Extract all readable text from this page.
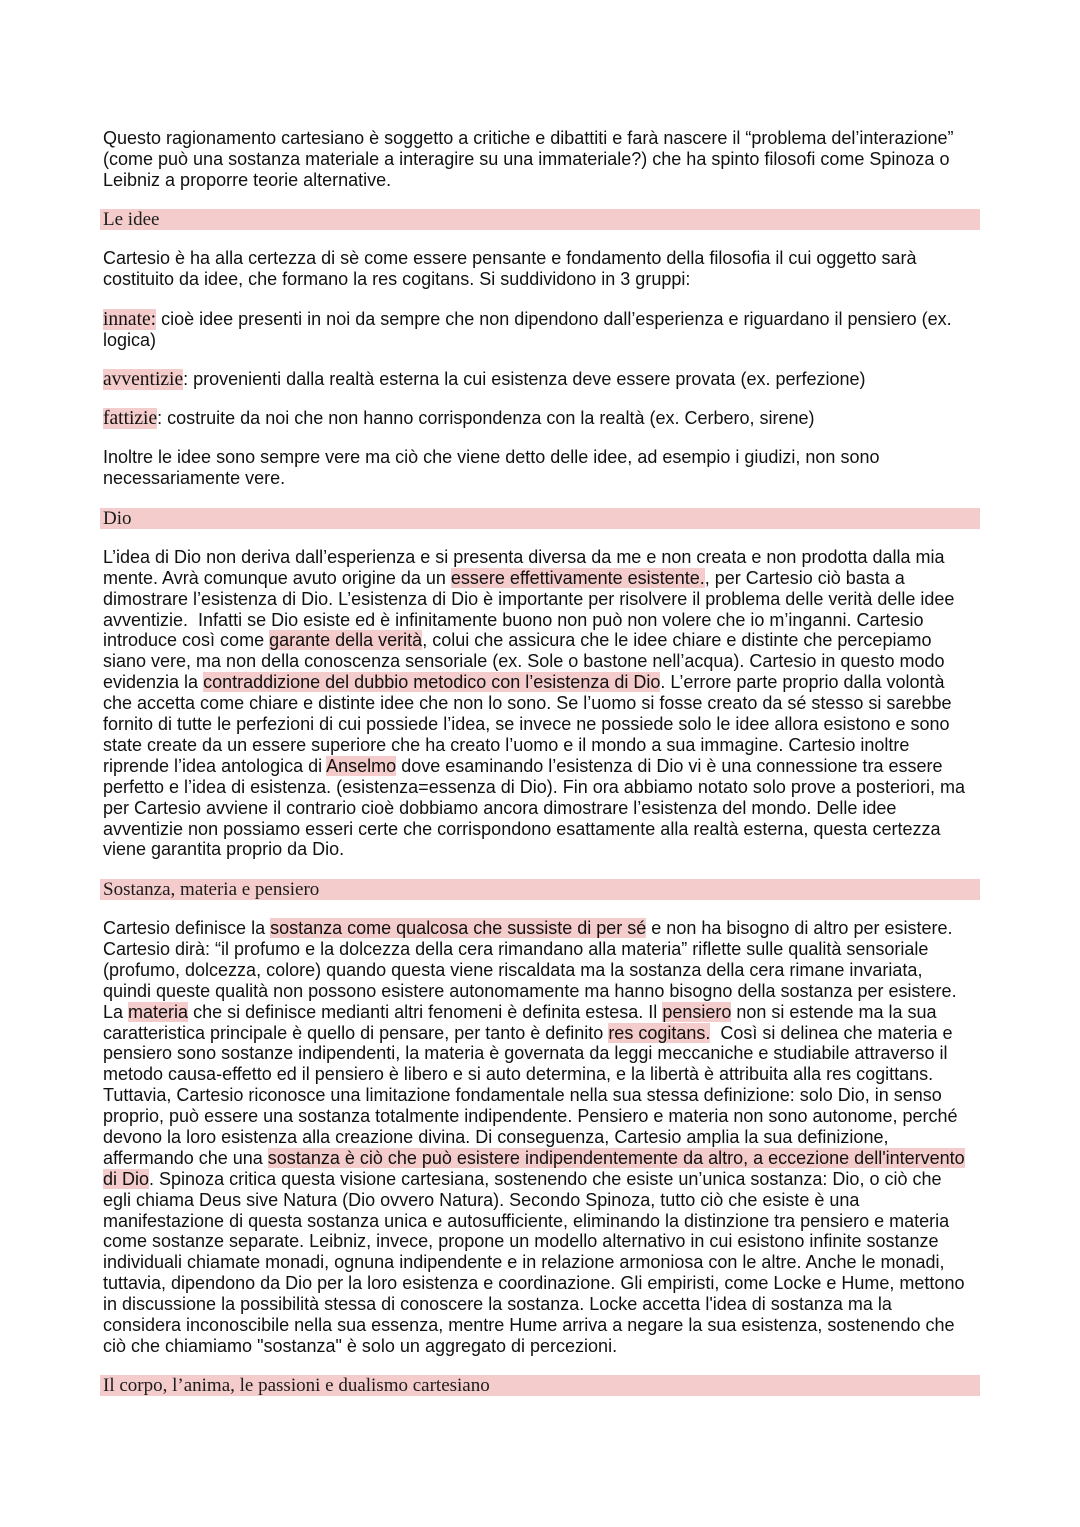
Questo ragionamento cartesiano è soggetto a critiche e dibattiti e farà nascere il “problema del’interazione”
(come può una sostanza materiale a interagire su una immateriale?) che ha spinto filosofi come Spinoza o
Leibniz a proporre teorie alternative.
Le idee
Cartesio è ha alla certezza di sè come essere pensante e fondamento della filosofia il cui oggetto sarà
costituito da idee, che formano la res cogitans. Si suddividono in 3 gruppi:
innate: cioè idee presenti in noi da sempre che non dipendono dall’esperienza e riguardano il pensiero (ex.
logica)
avventizie: provenienti dalla realtà esterna la cui esistenza deve essere provata (ex. perfezione)
fattizie: costruite da noi che non hanno corrispondenza con la realtà (ex. Cerbero, sirene)
Inoltre le idee sono sempre vere ma ciò che viene detto delle idee, ad esempio i giudizi, non sono
necessariamente vere.
Dio
L’idea di Dio non deriva dall’esperienza e si presenta diversa da me e non creata e non prodotta dalla mia
mente. Avrà comunque avuto origine da un essere effettivamente esistente., per Cartesio ciò basta a
dimostrare l’esistenza di Dio. L’esistenza di Dio è importante per risolvere il problema delle verità delle idee
avventizie.  Infatti se Dio esiste ed è infinitamente buono non può non volere che io m’inganni. Cartesio
introduce così come garante della verità, colui che assicura che le idee chiare e distinte che percepiamo
siano vere, ma non della conoscenza sensoriale (ex. Sole o bastone nell’acqua). Cartesio in questo modo
evidenzia la contraddizione del dubbio metodico con l’esistenza di Dio. L’errore parte proprio dalla volontà
che accetta come chiare e distinte idee che non lo sono. Se l’uomo si fosse creato da sé stesso si sarebbe
fornito di tutte le perfezioni di cui possiede l’idea, se invece ne possiede solo le idee allora esistono e sono
state create da un essere superiore che ha creato l’uomo e il mondo a sua immagine. Cartesio inoltre
riprende l’idea antologica di Anselmo dove esaminando l’esistenza di Dio vi è una connessione tra essere
perfetto e l’idea di esistenza. (esistenza=essenza di Dio). Fin ora abbiamo notato solo prove a posteriori, ma
per Cartesio avviene il contrario cioè dobbiamo ancora dimostrare l’esistenza del mondo. Delle idee
avventizie non possiamo esseri certe che corrispondono esattamente alla realtà esterna, questa certezza
viene garantita proprio da Dio.
Sostanza, materia e pensiero
Cartesio definisce la sostanza come qualcosa che sussiste di per sé e non ha bisogno di altro per esistere.
Cartesio dirà: “il profumo e la dolcezza della cera rimandano alla materia” riflette sulle qualità sensoriale
(profumo, dolcezza, colore) quando questa viene riscaldata ma la sostanza della cera rimane invariata,
quindi queste qualità non possono esistere autonomamente ma hanno bisogno della sostanza per esistere.
La materia che si definisce medianti altri fenomeni è definita estesa. Il pensiero non si estende ma la sua
caratteristica principale è quello di pensare, per tanto è definito res cogitans.  Così si delinea che materia e
pensiero sono sostanze indipendenti, la materia è governata da leggi meccaniche e studiabile attraverso il
metodo causa-effetto ed il pensiero è libero e si auto determina, e la libertà è attribuita alla res cogittans.
Tuttavia, Cartesio riconosce una limitazione fondamentale nella sua stessa definizione: solo Dio, in senso
proprio, può essere una sostanza totalmente indipendente. Pensiero e materia non sono autonome, perché
devono la loro esistenza alla creazione divina. Di conseguenza, Cartesio amplia la sua definizione,
affermando che una sostanza è ciò che può esistere indipendentemente da altro, a eccezione dell'intervento
di Dio. Spinoza critica questa visione cartesiana, sostenendo che esiste un’unica sostanza: Dio, o ciò che
egli chiama Deus sive Natura (Dio ovvero Natura). Secondo Spinoza, tutto ciò che esiste è una
manifestazione di questa sostanza unica e autosufficiente, eliminando la distinzione tra pensiero e materia
come sostanze separate. Leibniz, invece, propone un modello alternativo in cui esistono infinite sostanze
individuali chiamate monadi, ognuna indipendente e in relazione armoniosa con le altre. Anche le monadi,
tuttavia, dipendono da Dio per la loro esistenza e coordinazione. Gli empiristi, come Locke e Hume, mettono
in discussione la possibilità stessa di conoscere la sostanza. Locke accetta l'idea di sostanza ma la
considera inconoscibile nella sua essenza, mentre Hume arriva a negare la sua esistenza, sostenendo che
ciò che chiamiamo "sostanza" è solo un aggregato di percezioni.
Il corpo, l’anima, le passioni e dualismo cartesiano
